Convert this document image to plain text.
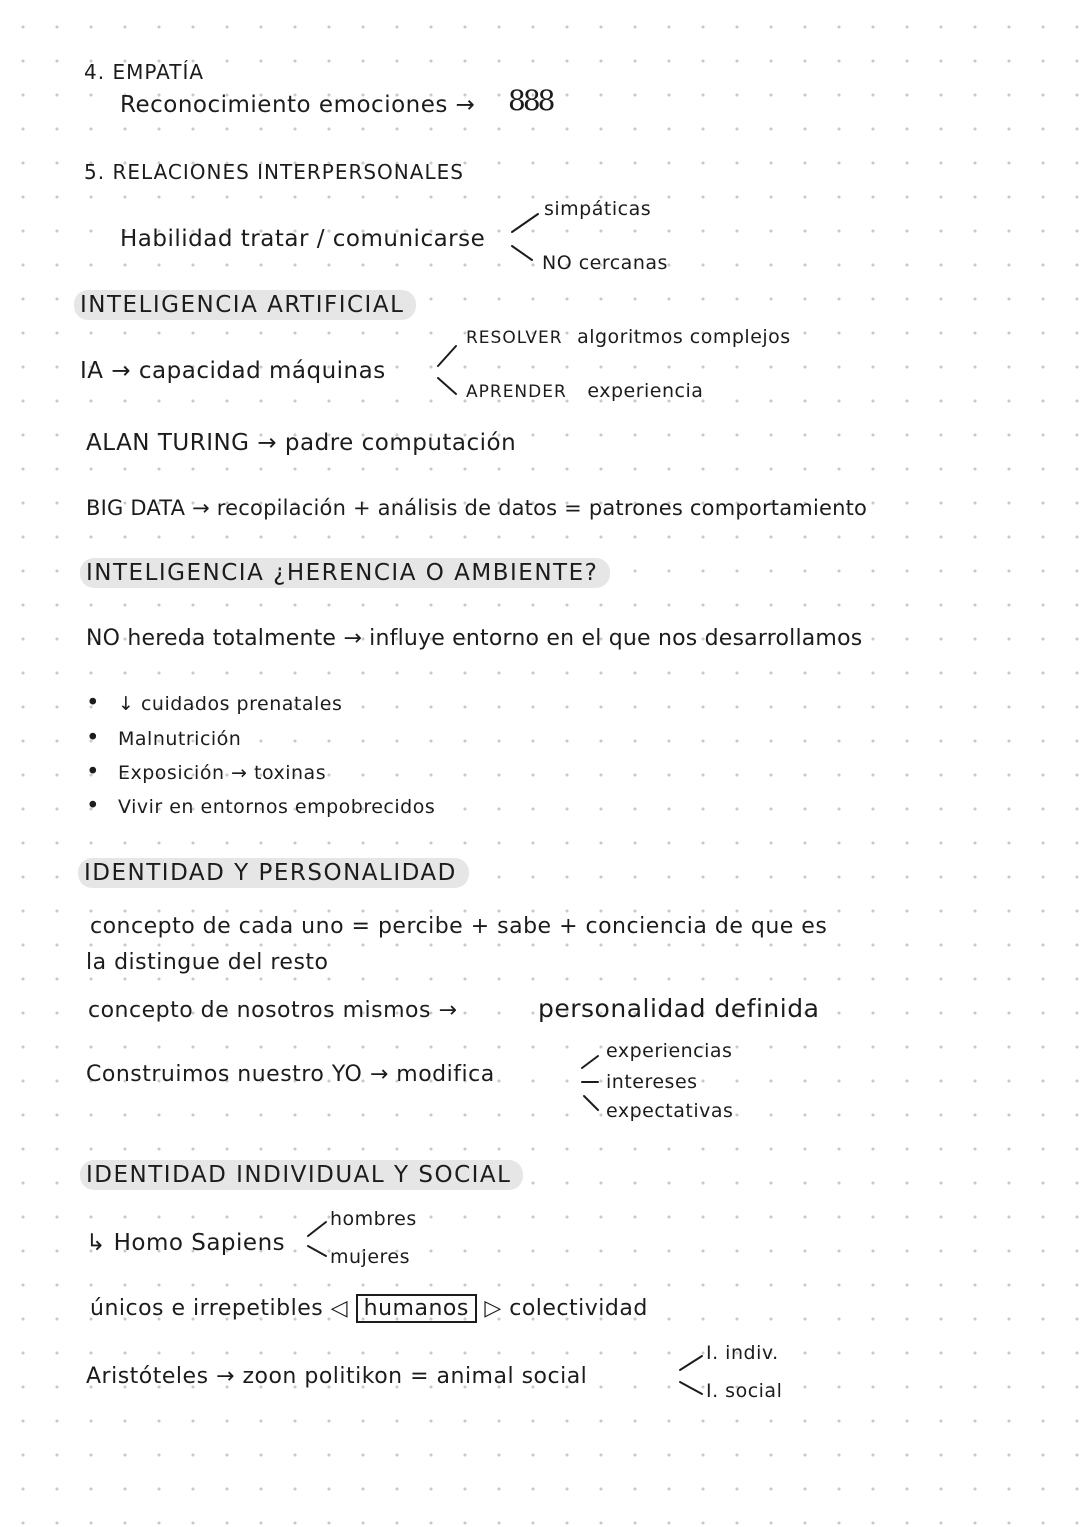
4. EMPATÍA
Reconocimiento emociones → 888
5. RELACIONES INTERPERSONALES
Habilidad tratar / comunicarse
simpáticas
NO cercanas
INTELIGENCIA ARTIFICIAL
IA → capacidad máquinas
RESOLVER algoritmos complejos
APRENDER experiencia
ALAN TURING → padre computación
BIG DATA → recopilación + análisis de datos = patrones comportamiento
INTELIGENCIA ¿HERENCIA O AMBIENTE?
NO hereda totalmente → influye entorno en el que nos desarrollamos
• ↓ cuidados prenatales
• Malnutrición
• Exposición → toxinas
• Vivir en entornos empobrecidos
IDENTIDAD Y PERSONALIDAD
concepto de cada uno = percibe + sabe + conciencia de que es
la distingue del resto
concepto de nosotros mismos →	personalidad definida
Construimos nuestro YO → modifica
experiencias
intereses
expectativas
IDENTIDAD INDIVIDUAL Y SOCIAL
↳ Homo Sapiens
hombres
mujeres
únicos e irrepetibles ◁ humanos ▷ colectividad
Aristóteles → zoon politikon = animal social
I. indiv.
I. social
